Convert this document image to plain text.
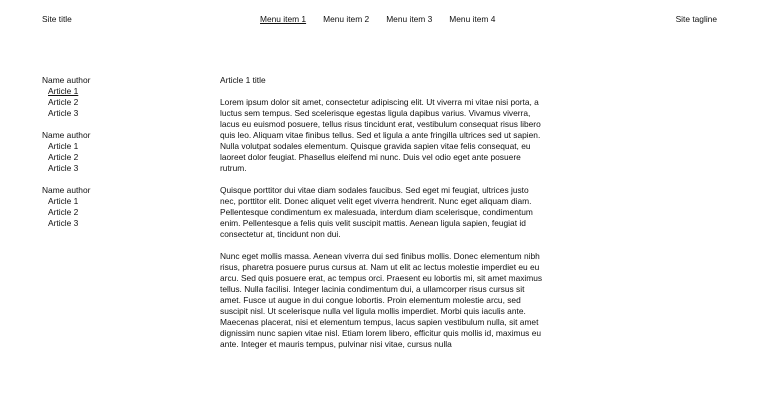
Site title	Menu item 1 Menu item 2 Menu item 3 Menu item 4	Site tagline
Name author
Article 1
Article 2
Article 3
Name author
Article 1
Article 2
Article 3
Name author
Article 1
Article 2
Article 3
Article 1 title

Lorem ipsum dolor sit amet, consectetur adipiscing elit. Ut viverra mi vitae nisi porta, a luctus sem tempus. Sed scelerisque egestas ligula dapibus varius. Vivamus viverra, lacus eu euismod posuere, tellus risus tincidunt erat, vestibulum consequat risus libero quis leo. Aliquam vitae finibus tellus. Sed et ligula a ante fringilla ultrices sed ut sapien. Nulla volutpat sodales elementum. Quisque gravida sapien vitae felis consequat, eu laoreet dolor feugiat. Phasellus eleifend mi nunc. Duis vel odio eget ante posuere rutrum.

Quisque porttitor dui vitae diam sodales faucibus. Sed eget mi feugiat, ultrices justo nec, porttitor elit. Donec aliquet velit eget viverra hendrerit. Nunc eget aliquam diam. Pellentesque condimentum ex malesuada, interdum diam scelerisque, condimentum enim. Pellentesque a felis quis velit suscipit mattis. Aenean ligula sapien, feugiat id consectetur at, tincidunt non dui.

Nunc eget mollis massa. Aenean viverra dui sed finibus mollis. Donec elementum nibh risus, pharetra posuere purus cursus at. Nam ut elit ac lectus molestie imperdiet eu eu arcu. Sed quis posuere erat, ac tempus orci. Praesent eu lobortis mi, sit amet maximus tellus. Nulla facilisi. Integer lacinia condimentum dui, a ullamcorper risus cursus sit amet. Fusce ut augue in dui congue lobortis. Proin elementum molestie arcu, sed suscipit nisl. Ut scelerisque nulla vel ligula mollis imperdiet. Morbi quis iaculis ante. Maecenas placerat, nisi et elementum tempus, lacus sapien vestibulum nulla, sit amet dignissim nunc sapien vitae nisl. Etiam lorem libero, efficitur quis mollis id, maximus eu ante. Integer et mauris tempus, pulvinar nisi vitae, cursus nulla
